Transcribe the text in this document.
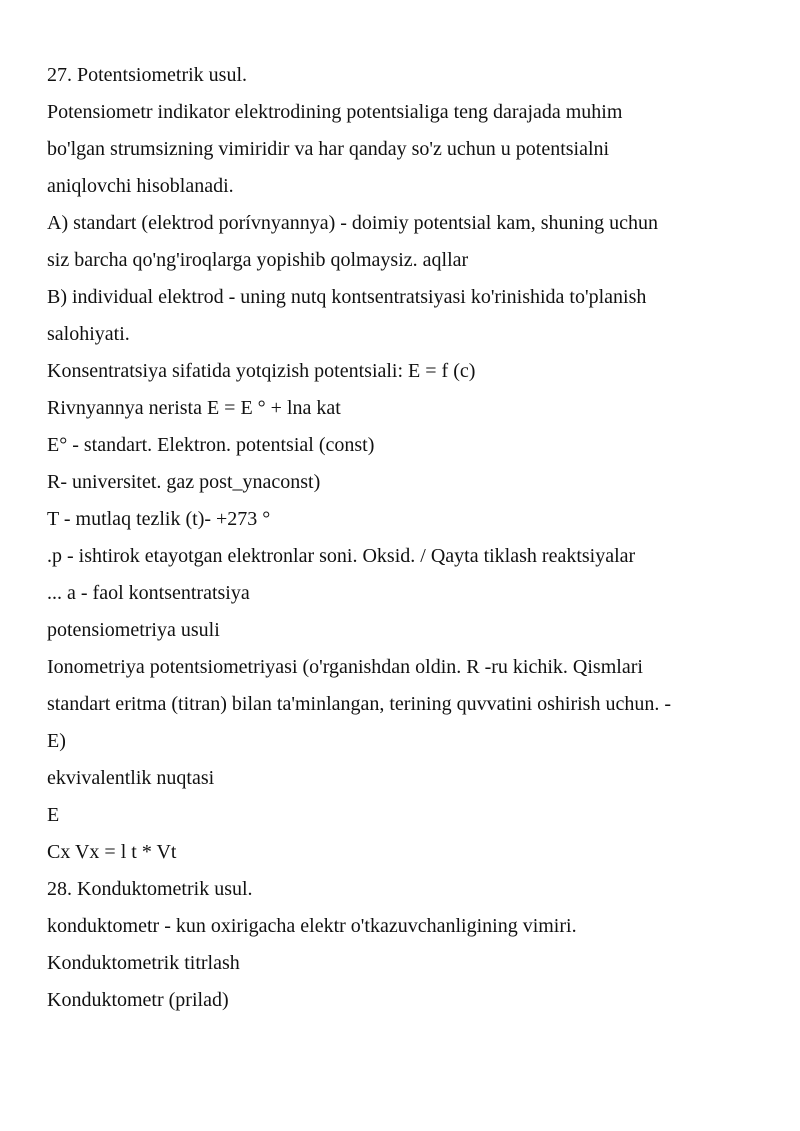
27. Potentsiometrik usul.
Potensiometr indikator elektrodining potentsialiga teng darajada muhim
bo'lgan strumsizning vimiridir va har qanday so'z uchun u potentsialni
aniqlovchi hisoblanadi.
A) standart (elektrod porívnyannya) - doimiy potentsial kam, shuning uchun
siz barcha qo'ng'iroqlarga yopishib qolmaysiz. aqllar
B) individual elektrod - uning nutq kontsentratsiyasi ko'rinishida to'planish
salohiyati.
Konsentratsiya sifatida yotqizish potentsiali: E = f (c)
Rivnyannya nerista E = E ° + lna kat
E° - standart. Elektron. potentsial (const)
R- universitet. gaz post_ynaconst)
T - mutlaq tezlik (t)- +273 °
.p - ishtirok etayotgan elektronlar soni. Oksid. / Qayta tiklash reaktsiyalar
... a - faol kontsentratsiya
potensiometriya usuli
Ionometriya potentsiometriyasi (o'rganishdan oldin. R -ru kichik. Qismlari
standart eritma (titran) bilan ta'minlangan, terining quvvatini oshirish uchun. -
E)
ekvivalentlik nuqtasi
E
Cx Vx = l t * Vt
28. Konduktometrik usul.
konduktometr - kun oxirigacha elektr o'tkazuvchanligining vimiri.
Konduktometrik titrlash
Konduktometr (prilad)
